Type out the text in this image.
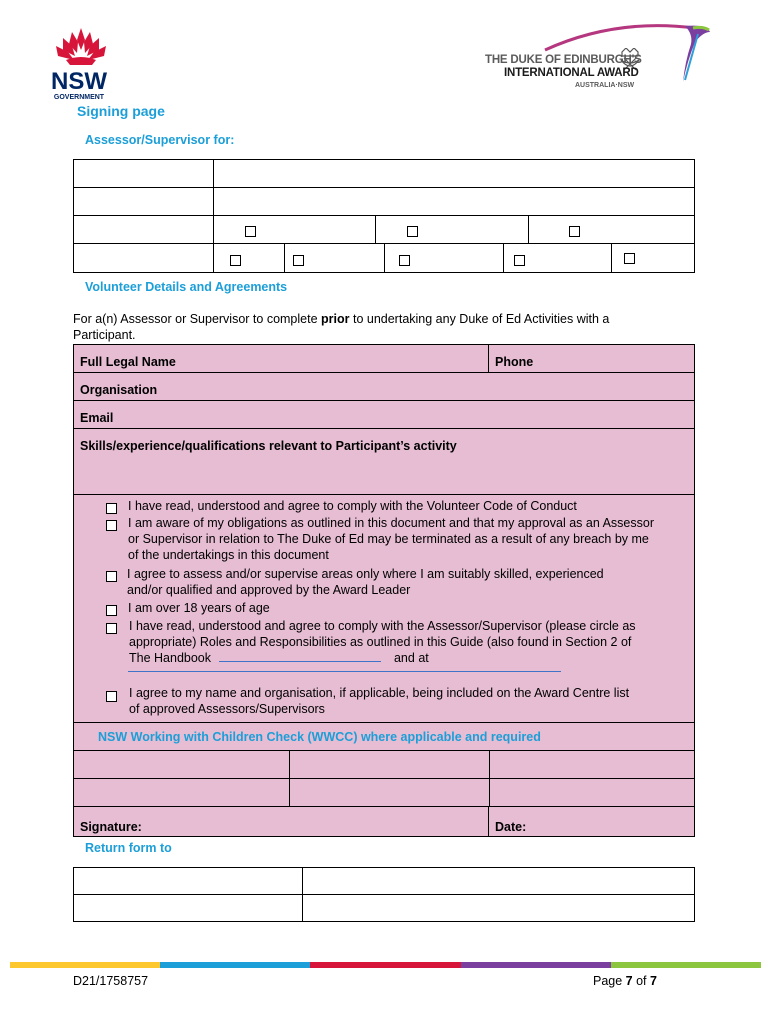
NSW
GOVERNMENT
THE DUKE OF EDINBURGH'S
INTERNATIONAL AWARD
AUSTRALIA·NSW
Signing page
Assessor/Supervisor for:

Volunteer Details and Agreements
For a(n) Assessor or Supervisor to complete prior to undertaking any Duke of Ed Activities with a Participant.
Full Legal Name	Phone
Organisation

Email

Skills/experience/qualifications relevant to Participant’s activity

I have read, understood and agree to comply with the Volunteer Code of Conduct
I am aware of my obligations as outlined in this document and that my approval as an Assessor or Supervisor in relation to The Duke of Ed may be terminated as a result of any breach by me of the undertakings in this document
I agree to assess and/or supervise areas only where I am suitably skilled, experienced and/or qualified and approved by the Award Leader
I am over 18 years of age
I have read, understood and agree to comply with the Assessor/Supervisor (please circle as appropriate) Roles and Responsibilities as outlined in this Guide (also found in Section 2 of The Handbook	and at
I agree to my name and organisation, if applicable, being included on the Award Centre list of approved Assessors/Supervisors

NSW Working with Children Check (WWCC) where applicable and required

Signature:	Date:
Return form to

D21/1758757	Page 7 of 7
